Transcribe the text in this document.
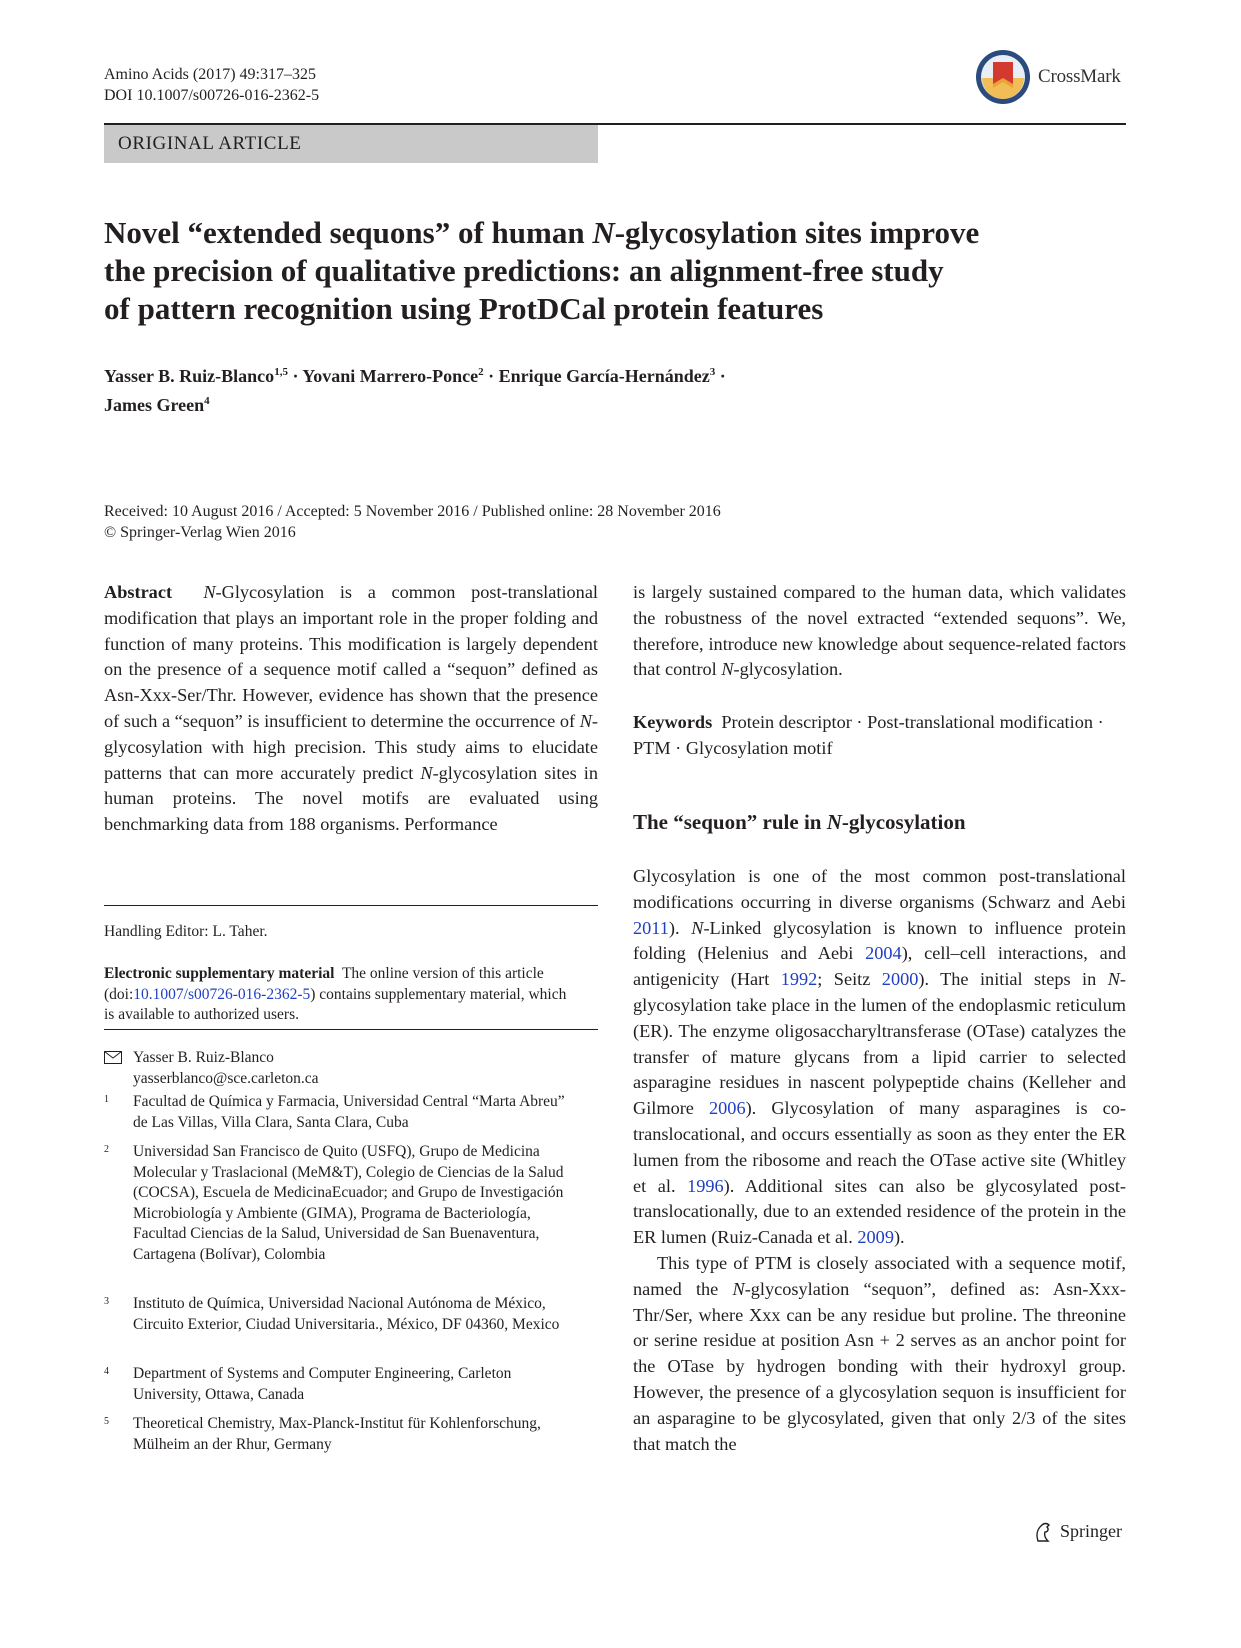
Amino Acids (2017) 49:317–325
DOI 10.1007/s00726-016-2362-5
CrossMark
ORIGINAL ARTICLE
Novel “extended sequons” of human N-glycosylation sites improve
the precision of qualitative predictions: an alignment-free study
of pattern recognition using ProtDCal protein features
Yasser B. Ruiz-Blanco$^{1,5}$ · Yovani Marrero-Ponce$^2$ · Enrique García-Hernández$^3$ ·
James Green$^4$
Received: 10 August 2016 / Accepted: 5 November 2016 / Published online: 28 November 2016
© Springer-Verlag Wien 2016

Abstract N-Glycosylation is a common post-translational modification that plays an important role in the proper folding and function of many proteins. This modification is largely dependent on the presence of a sequence motif called a “sequon” defined as Asn-Xxx-Ser/Thr. However, evidence has shown that the presence of such a “sequon” is insufficient to determine the occurrence of N-glycosylation with high precision. This study aims to elucidate patterns that can more accurately predict N-glycosylation sites in human proteins. The novel motifs are evaluated using benchmarking data from 188 organisms. Performance

is largely sustained compared to the human data, which validates the robustness of the novel extracted “extended sequons”. We, therefore, introduce new knowledge about sequence-related factors that control N-glycosylation.

Keywords Protein descriptor · Post-translational modification · PTM · Glycosylation motif
The “sequon” rule in N-glycosylation

Glycosylation is one of the most common post-translational modifications occurring in diverse organisms (Schwarz and Aebi 2011). N-Linked glycosylation is known to influence protein folding (Helenius and Aebi 2004), cell–cell interactions, and antigenicity (Hart 1992; Seitz 2000). The initial steps in N-glycosylation take place in the lumen of the endoplasmic reticulum (ER). The enzyme oligosaccharyltransferase (OTase) catalyzes the transfer of mature glycans from a lipid carrier to selected asparagine residues in nascent polypeptide chains (Kelleher and Gilmore 2006). Glycosylation of many asparagines is co-translocational, and occurs essentially as soon as they enter the ER lumen from the ribosome and reach the OTase active site (Whitley et al. 1996). Additional sites can also be glycosylated post-translocationally, due to an extended residence of the protein in the ER lumen (Ruiz-Canada et al. 2009).

This type of PTM is closely associated with a sequence motif, named the N-glycosylation “sequon”, defined as: Asn-Xxx-Thr/Ser, where Xxx can be any residue but proline. The threonine or serine residue at position Asn + 2 serves as an anchor point for the OTase by hydrogen bonding with their hydroxyl group. However, the presence of a glycosylation sequon is insufficient for an asparagine to be glycosylated, given that only 2/3 of the sites that match the

Handling Editor: L. Taher.
Electronic supplementary material The online version of this article (doi:10.1007/s00726-016-2362-5) contains supplementary material, which is available to authorized users.
Yasser B. Ruiz-Blanco
yasserblanco@sce.carleton.ca
1 Facultad de Química y Farmacia, Universidad Central “Marta Abreu” de Las Villas, Villa Clara, Santa Clara, Cuba
2 Universidad San Francisco de Quito (USFQ), Grupo de Medicina Molecular y Traslacional (MeM&T), Colegio de Ciencias de la Salud (COCSA), Escuela de MedicinaEcuador; and Grupo de Investigación Microbiología y Ambiente (GIMA), Programa de Bacteriología, Facultad Ciencias de la Salud, Universidad de San Buenaventura, Cartagena (Bolívar), Colombia
3 Instituto de Química, Universidad Nacional Autónoma de México, Circuito Exterior, Ciudad Universitaria., México, DF 04360, Mexico
4 Department of Systems and Computer Engineering, Carleton University, Ottawa, Canada
5 Theoretical Chemistry, Max-Planck-Institut für Kohlenforschung, Mülheim an der Rhur, Germany
Springer
